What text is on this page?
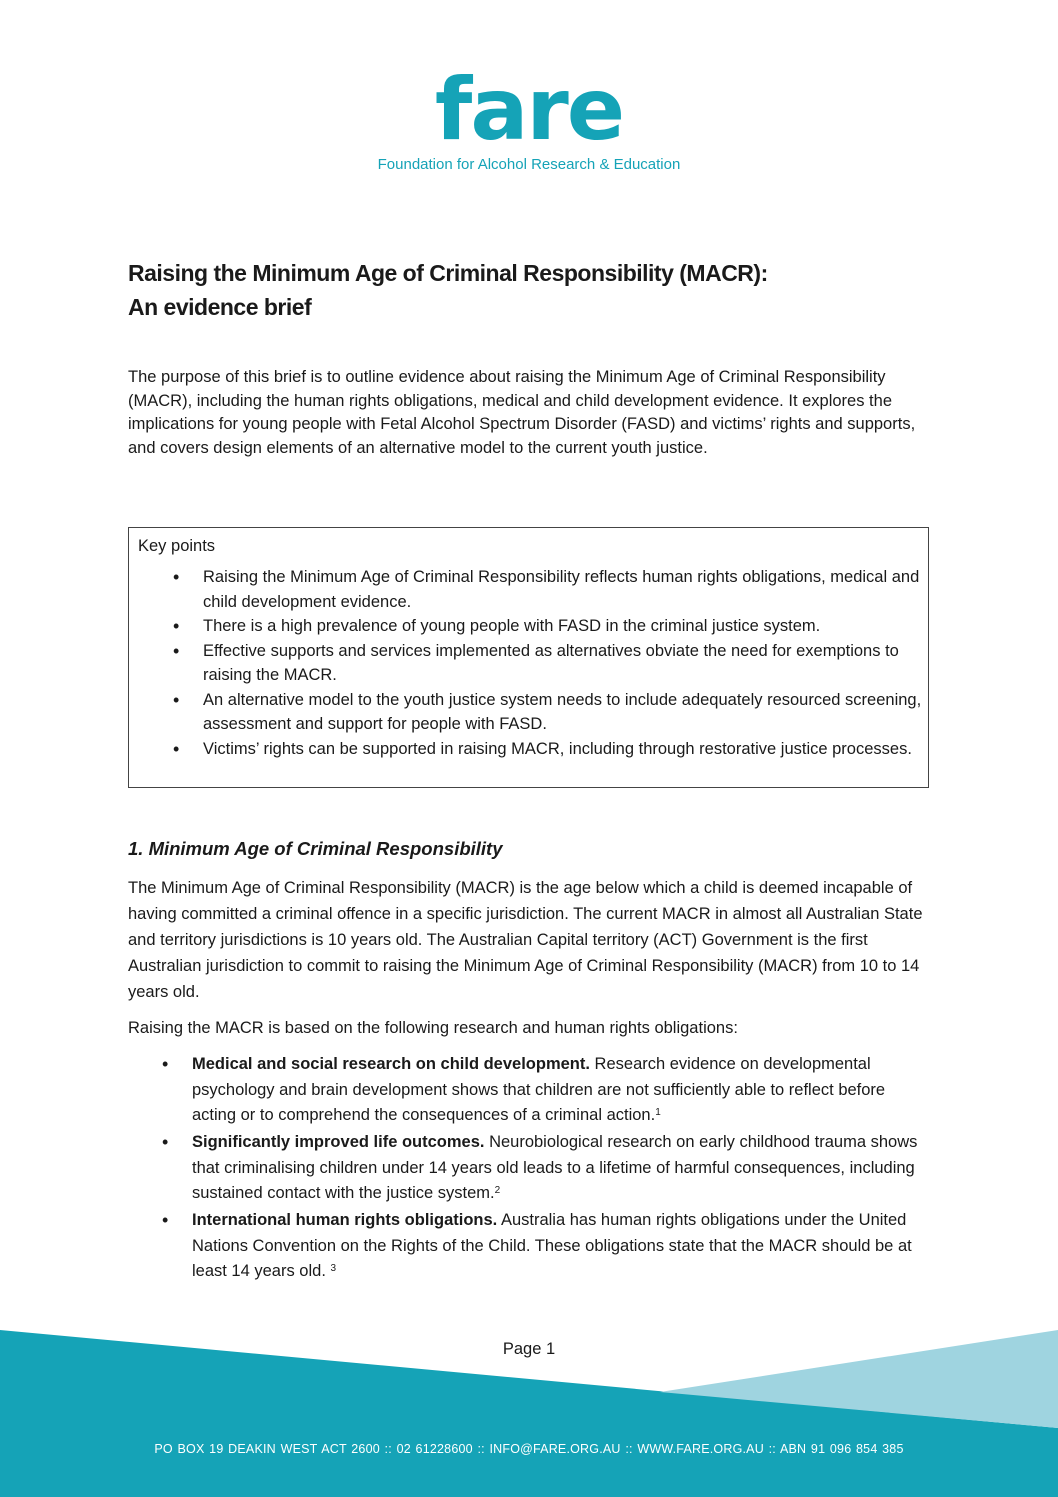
fare
Foundation for Alcohol Research & Education
Raising the Minimum Age of Criminal Responsibility (MACR):
An evidence brief
The purpose of this brief is to outline evidence about raising the Minimum Age of Criminal Responsibility (MACR), including the human rights obligations, medical and child development evidence. It explores the implications for young people with Fetal Alcohol Spectrum Disorder (FASD) and victims’ rights and supports, and covers design elements of an alternative model to the current youth justice.
Key points
• Raising the Minimum Age of Criminal Responsibility reflects human rights obligations, medical and child development evidence.
• There is a high prevalence of young people with FASD in the criminal justice system.
• Effective supports and services implemented as alternatives obviate the need for exemptions to raising the MACR.
• An alternative model to the youth justice system needs to include adequately resourced screening, assessment and support for people with FASD.
• Victims’ rights can be supported in raising MACR, including through restorative justice processes.
1. Minimum Age of Criminal Responsibility
The Minimum Age of Criminal Responsibility (MACR) is the age below which a child is deemed incapable of having committed a criminal offence in a specific jurisdiction. The current MACR in almost all Australian State and territory jurisdictions is 10 years old. The Australian Capital territory (ACT) Government is the first Australian jurisdiction to commit to raising the Minimum Age of Criminal Responsibility (MACR) from 10 to 14 years old.
Raising the MACR is based on the following research and human rights obligations:
• Medical and social research on child development. Research evidence on developmental psychology and brain development shows that children are not sufficiently able to reflect before acting or to comprehend the consequences of a criminal action.$^1$
• Significantly improved life outcomes. Neurobiological research on early childhood trauma shows that criminalising children under 14 years old leads to a lifetime of harmful consequences, including sustained contact with the justice system.$^2$
• International human rights obligations. Australia has human rights obligations under the United Nations Convention on the Rights of the Child. These obligations state that the MACR should be at least 14 years old. $^3$
Page 1
PO BOX 19 DEAKIN WEST ACT 2600 :: 02 61228600 :: INFO@FARE.ORG.AU :: WWW.FARE.ORG.AU :: ABN 91 096 854 385
